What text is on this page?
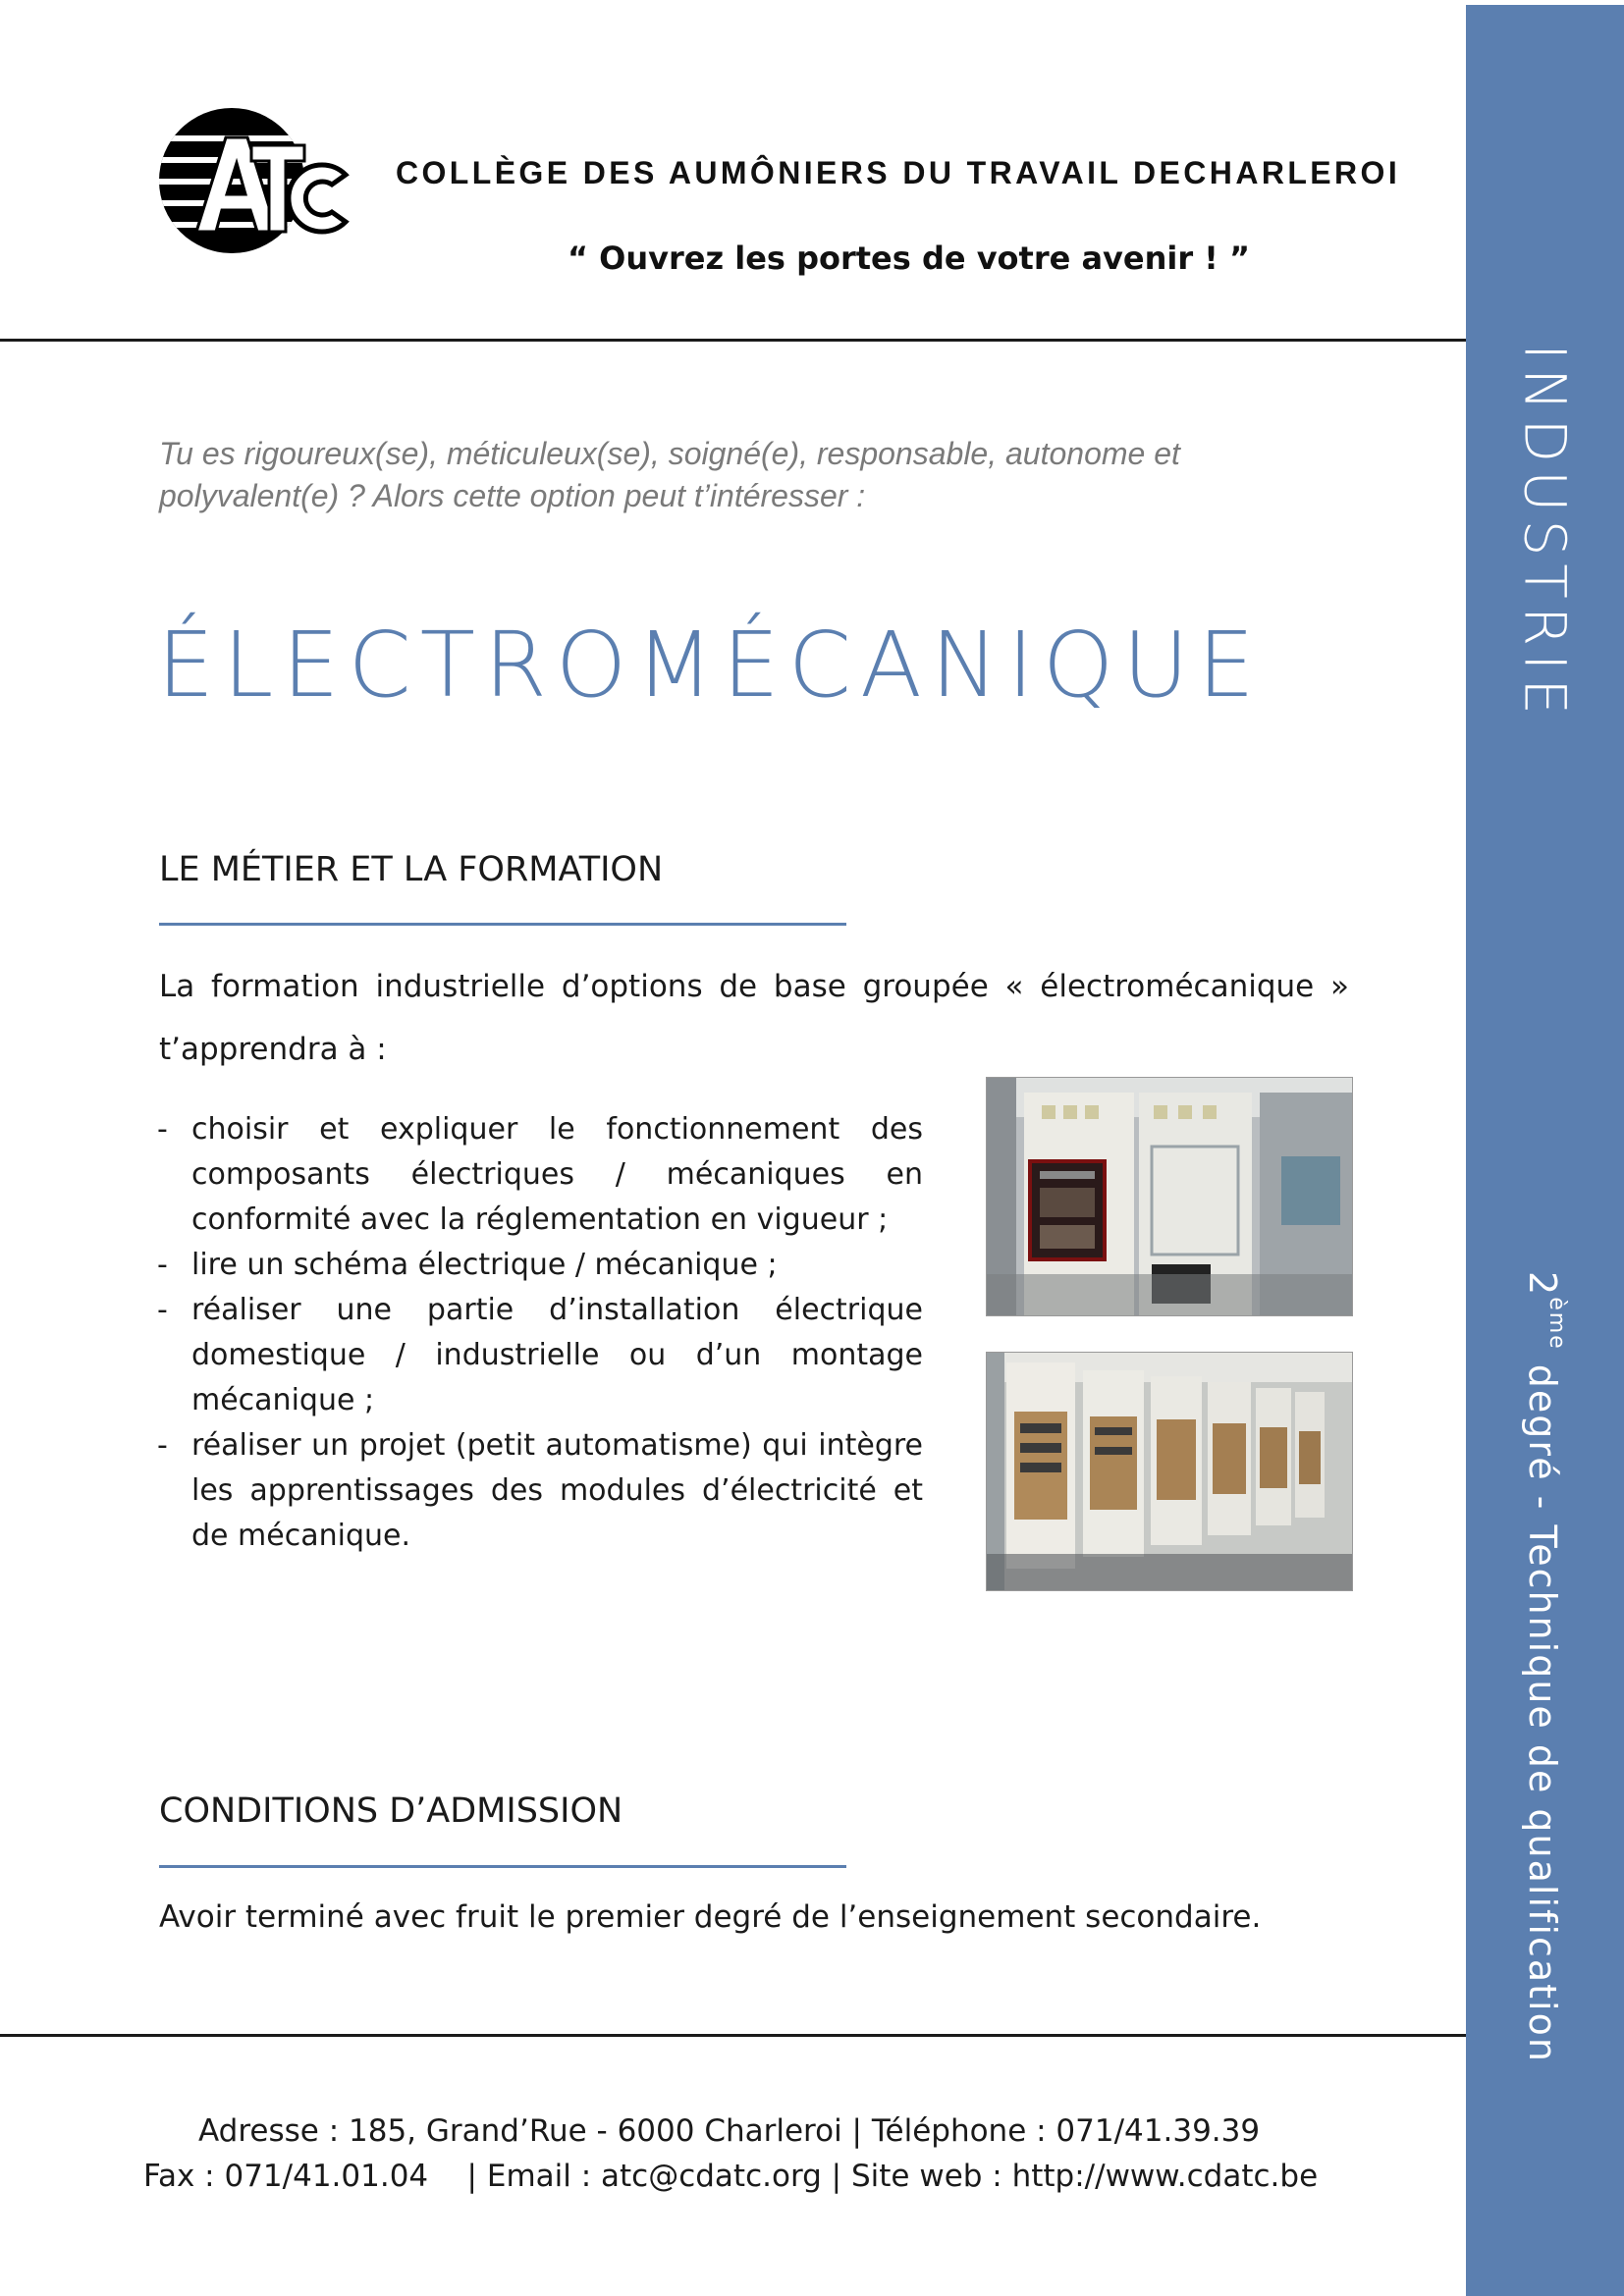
INDUSTRIE
2ème degré - Technique de qualification
COLLÈGE DES AUMÔNIERS DU TRAVAIL DECHARLEROI
“ Ouvrez les portes de votre avenir ! ”
Tu es rigoureux(se), méticuleux(se), soigné(e), responsable, autonome et polyvalent(e) ? Alors cette option peut t’intéresser :
ÉLECTROMÉCANIQUE
LE MÉTIER ET LA FORMATION
La formation industrielle d’options de base groupée « électromécanique » t’apprendra à :
- choisir et expliquer le fonctionnement des composants électriques / mécaniques en conformité avec la réglementation en vigueur ;
- lire un schéma électrique / mécanique ;
- réaliser une partie d’installation électrique domestique / industrielle ou d’un montage mécanique ;
- réaliser un projet (petit automatisme) qui intègre les apprentissages des modules d’électricité et de mécanique.
CONDITIONS D’ADMISSION
Avoir terminé avec fruit le premier degré de l’enseignement secondaire.
Adresse : 185, Grand’Rue - 6000 Charleroi | Téléphone : 071/41.39.39
Fax : 071/41.01.04    | Email : atc@cdatc.org | Site web : http://www.cdatc.be
